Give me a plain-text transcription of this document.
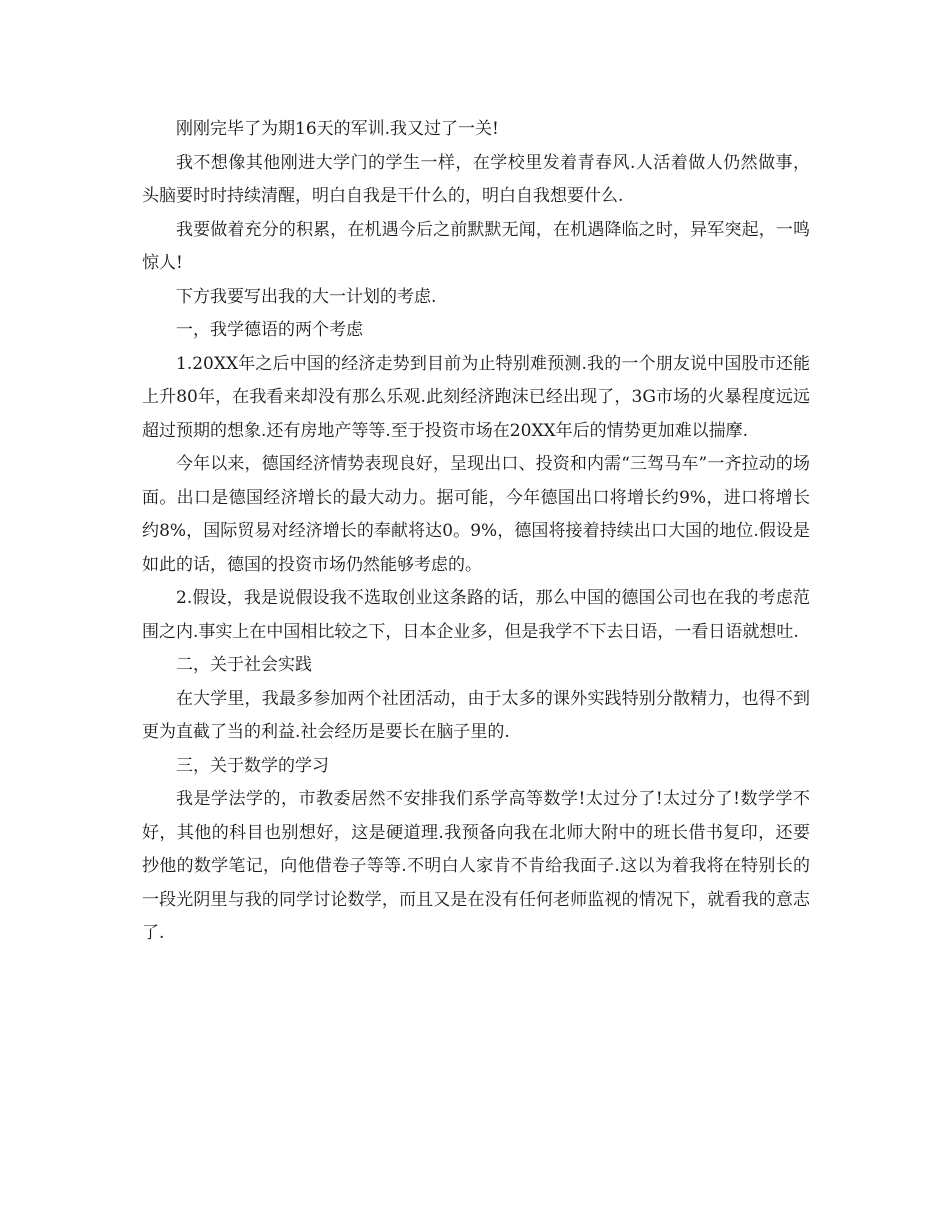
刚刚完毕了为期16天的军训.我又过了一关!

我不想像其他刚进大学门的学生一样，在学校里发着青春风.人活着做人仍然做事，头脑要时时持续清醒，明白自我是干什么的，明白自我想要什么.

我要做着充分的积累，在机遇今后之前默默无闻，在机遇降临之时，异军突起，一鸣惊人!

下方我要写出我的大一计划的考虑.

一，我学德语的两个考虑

1.20XX年之后中国的经济走势到目前为止特别难预测.我的一个朋友说中国股市还能上升80年，在我看来却没有那么乐观.此刻经济跑沫已经出现了，3G市场的火暴程度远远超过预期的想象.还有房地产等等.至于投资市场在20XX年后的情势更加难以揣摩.

今年以来，德国经济情势表现良好，呈现出口、投资和内需“三驾马车”一齐拉动的场面。出口是德国经济增长的最大动力。据可能，今年德国出口将增长约9%，进口将增长约8%，国际贸易对经济增长的奉献将达0。9%，德国将接着持续出口大国的地位.假设是如此的话，德国的投资市场仍然能够考虑的。

2.假设，我是说假设我不选取创业这条路的话，那么中国的德国公司也在我的考虑范围之内.事实上在中国相比较之下，日本企业多，但是我学不下去日语，一看日语就想吐.

二，关于社会实践

在大学里，我最多参加两个社团活动，由于太多的课外实践特别分散精力，也得不到更为直截了当的利益.社会经历是要长在脑子里的.

三，关于数学的学习

我是学法学的，市教委居然不安排我们系学高等数学!太过分了!太过分了!数学学不好，其他的科目也别想好，这是硬道理.我预备向我在北师大附中的班长借书复印，还要抄他的数学笔记，向他借卷子等等.不明白人家肯不肯给我面子.这以为着我将在特别长的一段光阴里与我的同学讨论数学，而且又是在没有任何老师监视的情况下，就看我的意志了.
